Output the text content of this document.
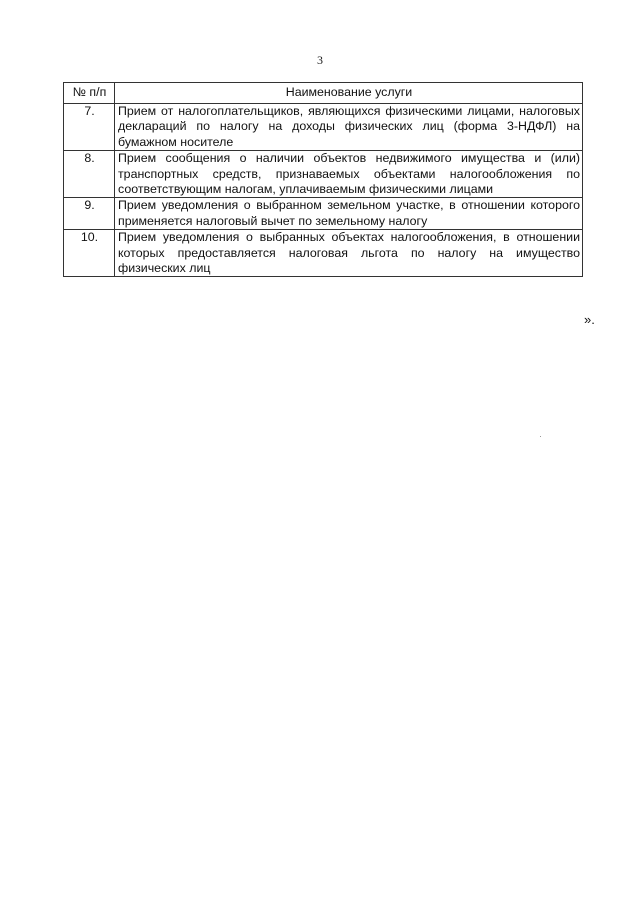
3
№ п/п	Наименование услуги
7.	Прием от налогоплательщиков, являющихся физическими лицами, налоговых деклараций по налогу на доходы физических лиц (форма 3-НДФЛ) на бумажном носителе
8.	Прием сообщения о наличии объектов недвижимого имущества и (или) транспортных средств, признаваемых объектами налогообложения по соответствующим налогам, уплачиваемым физическими лицами
9.	Прием уведомления о выбранном земельном участке, в отношении которого применяется налоговый вычет по земельному налогу
10.	Прием уведомления о выбранных объектах налогообложения, в отношении которых предоставляется налоговая льгота по налогу на имущество физических лиц
».
